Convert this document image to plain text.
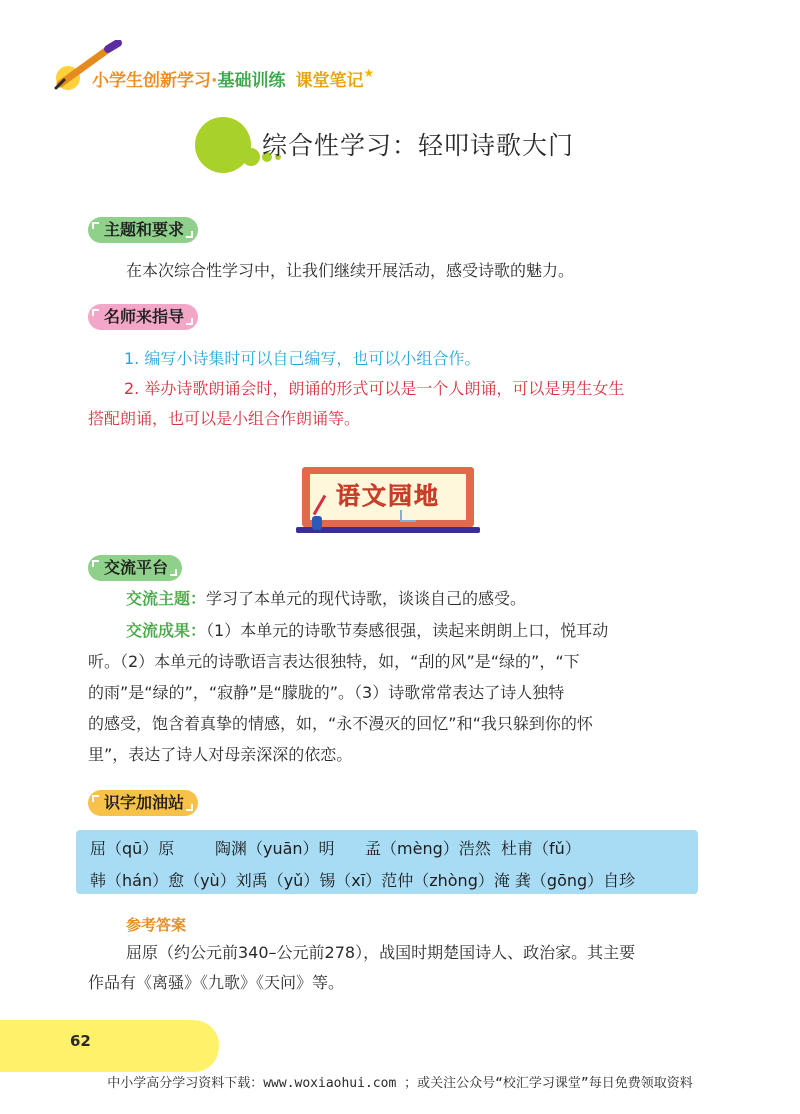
小学生创新学习·基础训练 课堂笔记★
综合性学习：轻叩诗歌大门
主题和要求
在本次综合性学习中，让我们继续开展活动，感受诗歌的魅力。
名师来指导
1. 编写小诗集时可以自己编写，也可以小组合作。
2. 举办诗歌朗诵会时，朗诵的形式可以是一个人朗诵，可以是男生女生
搭配朗诵，也可以是小组合作朗诵等。
语文园地
交流平台
交流主题：学习了本单元的现代诗歌，谈谈自己的感受。
交流成果：（1）本单元的诗歌节奏感很强，读起来朗朗上口，悦耳动
听。（2）本单元的诗歌语言表达很独特，如，“刮的风”是“绿的”，“下
的雨”是“绿的”，“寂静”是“朦胧的”。（3）诗歌常常表达了诗人独特
的感受，饱含着真挚的情感，如，“永不漫灭的回忆”和“我只躲到你的怀
里”，表达了诗人对母亲深深的依恋。
识字加油站
屈（qū）原        陶渊（yuān）明      孟（mèng）浩然  杜甫（fǔ）
韩（hán）愈（yù）刘禹（yǔ）锡（xī）范仲（zhòng）淹 龚（gōng）自珍
参考答案
屈原（约公元前340–公元前278），战国时期楚国诗人、政治家。其主要
作品有《离骚》《九歌》《天问》等。
62
中小学高分学习资料下载：www.woxiaohui.com ；或关注公众号“校汇学习课堂”每日免费领取资料
